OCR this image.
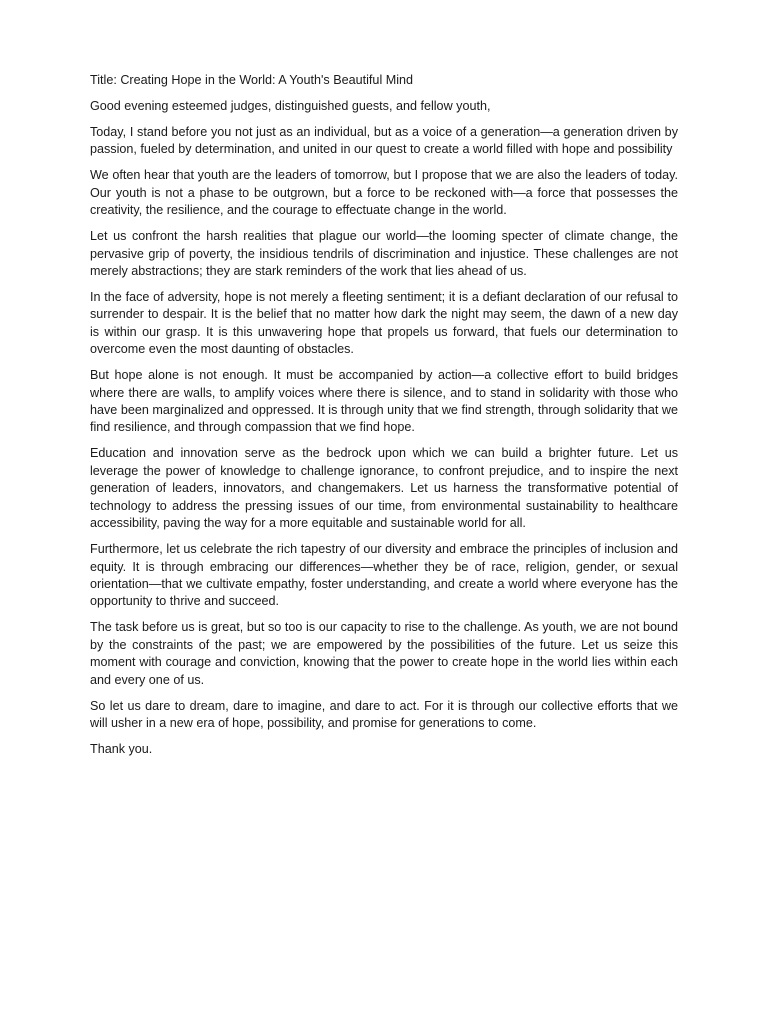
Title: Creating Hope in the World: A Youth's Beautiful Mind

Good evening esteemed judges, distinguished guests, and fellow youth,

Today, I stand before you not just as an individual, but as a voice of a generation—a generation driven by passion, fueled by determination, and united in our quest to create a world filled with hope and possibility

We often hear that youth are the leaders of tomorrow, but I propose that we are also the leaders of today. Our youth is not a phase to be outgrown, but a force to be reckoned with—a force that possesses the creativity, the resilience, and the courage to effectuate change in the world.

Let us confront the harsh realities that plague our world—the looming specter of climate change, the pervasive grip of poverty, the insidious tendrils of discrimination and injustice. These challenges are not merely abstractions; they are stark reminders of the work that lies ahead of us.

In the face of adversity, hope is not merely a fleeting sentiment; it is a defiant declaration of our refusal to surrender to despair. It is the belief that no matter how dark the night may seem, the dawn of a new day is within our grasp. It is this unwavering hope that propels us forward, that fuels our determination to overcome even the most daunting of obstacles.

But hope alone is not enough. It must be accompanied by action—a collective effort to build bridges where there are walls, to amplify voices where there is silence, and to stand in solidarity with those who have been marginalized and oppressed. It is through unity that we find strength, through solidarity that we find resilience, and through compassion that we find hope.

Education and innovation serve as the bedrock upon which we can build a brighter future. Let us leverage the power of knowledge to challenge ignorance, to confront prejudice, and to inspire the next generation of leaders, innovators, and changemakers. Let us harness the transformative potential of technology to address the pressing issues of our time, from environmental sustainability to healthcare accessibility, paving the way for a more equitable and sustainable world for all.

Furthermore, let us celebrate the rich tapestry of our diversity and embrace the principles of inclusion and equity. It is through embracing our differences—whether they be of race, religion, gender, or sexual orientation—that we cultivate empathy, foster understanding, and create a world where everyone has the opportunity to thrive and succeed.

The task before us is great, but so too is our capacity to rise to the challenge. As youth, we are not bound by the constraints of the past; we are empowered by the possibilities of the future. Let us seize this moment with courage and conviction, knowing that the power to create hope in the world lies within each and every one of us.

So let us dare to dream, dare to imagine, and dare to act. For it is through our collective efforts that we will usher in a new era of hope, possibility, and promise for generations to come.

Thank you.
